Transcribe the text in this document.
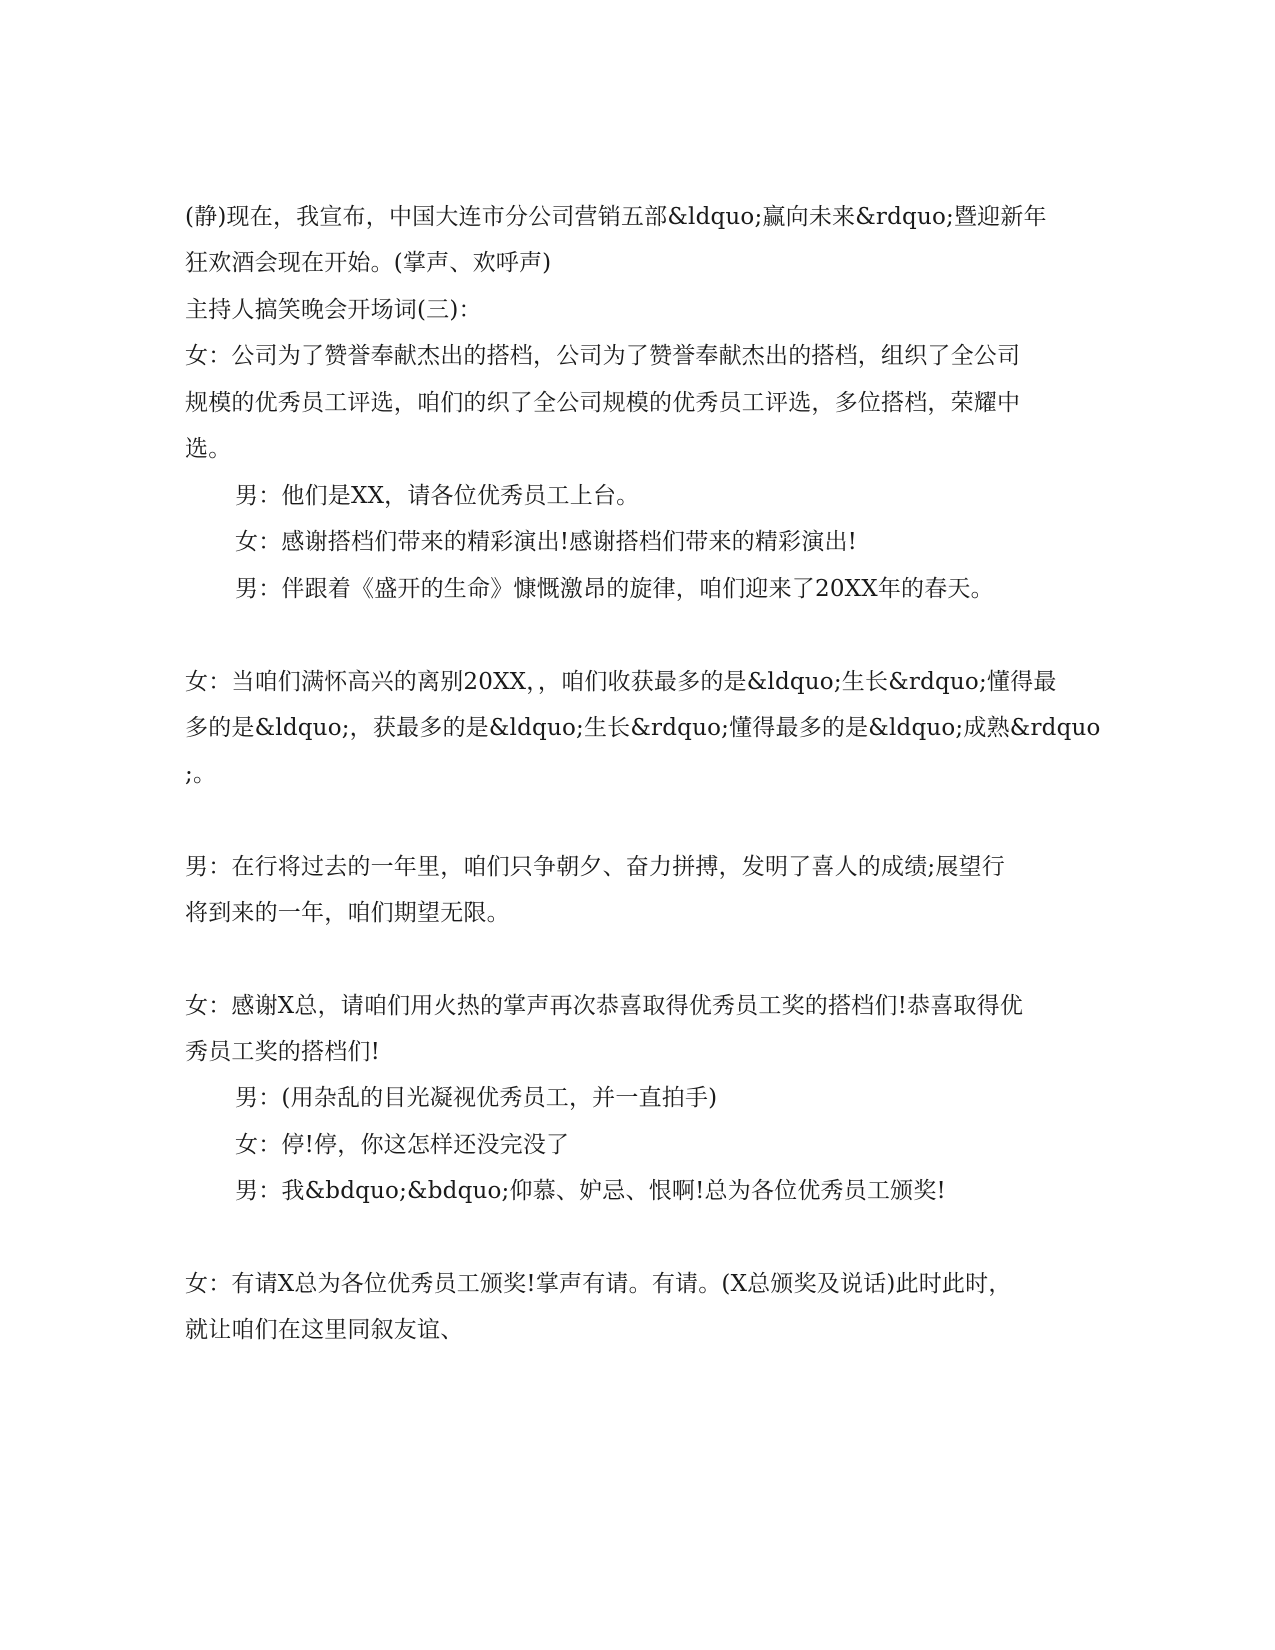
(静)现在，我宣布，中国大连市分公司营销五部&ldquo;赢向未来&rdquo;暨迎新年
狂欢酒会现在开始。(掌声、欢呼声)
主持人搞笑晚会开场词(三)：
女：公司为了赞誉奉献杰出的搭档，公司为了赞誉奉献杰出的搭档，组织了全公司
规模的优秀员工评选，咱们的织了全公司规模的优秀员工评选，多位搭档，荣耀中
选。
男：他们是XX，请各位优秀员工上台。
女：感谢搭档们带来的精彩演出!感谢搭档们带来的精彩演出!
男：伴跟着《盛开的生命》慷慨激昂的旋律，咱们迎来了20XX年的春天。
女：当咱们满怀高兴的离别20XX，，咱们收获最多的是&ldquo;生长&rdquo;懂得最
多的是&ldquo;，获最多的是&ldquo;生长&rdquo;懂得最多的是&ldquo;成熟&rdquo
;。
男：在行将过去的一年里，咱们只争朝夕、奋力拼搏，发明了喜人的成绩;展望行
将到来的一年，咱们期望无限。
女：感谢X总，请咱们用火热的掌声再次恭喜取得优秀员工奖的搭档们!恭喜取得优
秀员工奖的搭档们!
男：(用杂乱的目光凝视优秀员工，并一直拍手)
女：停!停，你这怎样还没完没了
男：我&bdquo;&bdquo;仰慕、妒忌、恨啊!总为各位优秀员工颁奖!
女：有请X总为各位优秀员工颁奖!掌声有请。有请。(X总颁奖及说话)此时此时，
就让咱们在这里同叙友谊、
